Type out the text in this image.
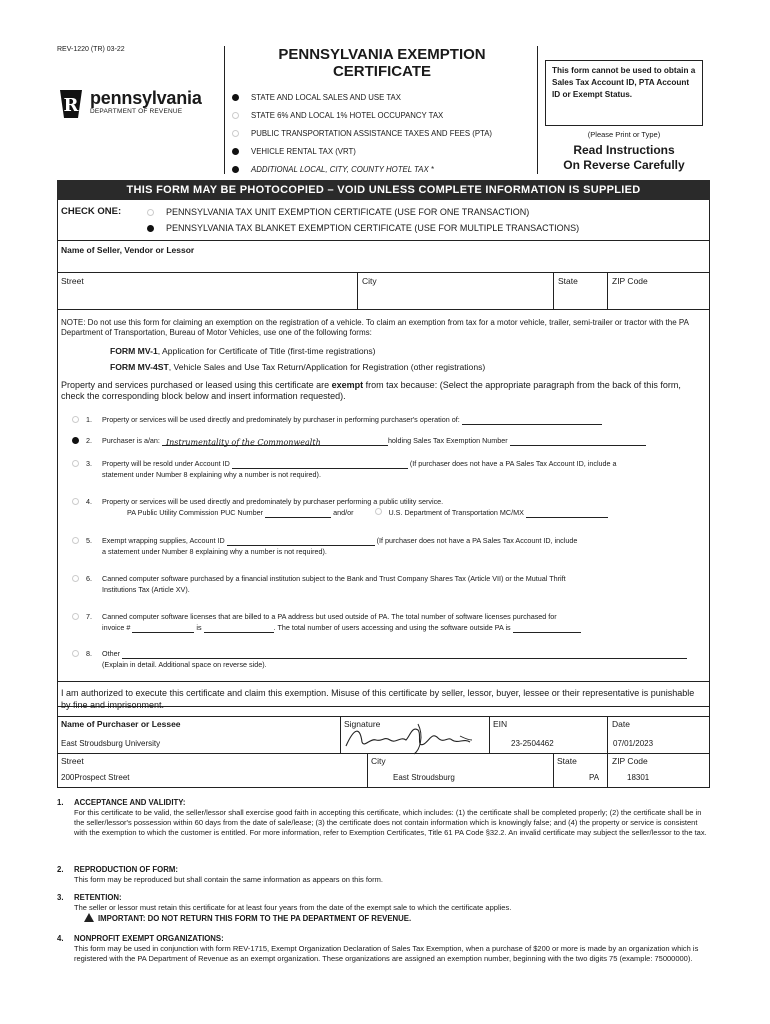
REV-1220 (TR) 03-22
R pennsylvania
DEPARTMENT OF REVENUE
PENNSYLVANIA EXEMPTION
CERTIFICATE
STATE AND LOCAL SALES AND USE TAX
STATE 6% AND LOCAL 1% HOTEL OCCUPANCY TAX
PUBLIC TRANSPORTATION ASSISTANCE TAXES AND FEES (PTA)
VEHICLE RENTAL TAX (VRT)
ADDITIONAL LOCAL, CITY, COUNTY HOTEL TAX *
This form cannot be used to obtain a Sales Tax Account ID, PTA Account ID or Exempt Status.
(Please Print or Type)
Read Instructions
On Reverse Carefully
THIS FORM MAY BE PHOTOCOPIED – VOID UNLESS COMPLETE INFORMATION IS SUPPLIED
CHECK ONE:	PENNSYLVANIA TAX UNIT EXEMPTION CERTIFICATE (USE FOR ONE TRANSACTION)
PENNSYLVANIA TAX BLANKET EXEMPTION CERTIFICATE (USE FOR MULTIPLE TRANSACTIONS)
Name of Seller, Vendor or Lessor
Street	City	State	ZIP Code
NOTE: Do not use this form for claiming an exemption on the registration of a vehicle. To claim an exemption from tax for a motor vehicle, trailer, semi-trailer or tractor with the PA Department of Transportation, Bureau of Motor Vehicles, use one of the following forms:
FORM MV-1, Application for Certificate of Title (first-time registrations)
FORM MV-4ST, Vehicle Sales and Use Tax Return/Application for Registration (other registrations)
Property and services purchased or leased using this certificate are exempt from tax because: (Select the appropriate paragraph from the back of this form, check the corresponding block below and insert information requested).
1. Property or services will be used directly and predominately by purchaser in performing purchaser's operation of:
2. Purchaser is a/an: Instrumentality of the Commonwealth	holding Sales Tax Exemption Number
3. Property will be resold under Account ID	(If purchaser does not have a PA Sales Tax Account ID, include a
statement under Number 8 explaining why a number is not required).
4. Property or services will be used directly and predominately by purchaser performing a public utility service.
PA Public Utility Commission PUC Number	and/or	U.S. Department of Transportation MC/MX
5. Exempt wrapping supplies, Account ID	(If purchaser does not have a PA Sales Tax Account ID, include
a statement under Number 8 explaining why a number is not required).
6. Canned computer software purchased by a financial institution subject to the Bank and Trust Company Shares Tax (Article VII) or the Mutual Thrift
Institutions Tax (Article XV).
7. Canned computer software licenses that are billed to a PA address but used outside of PA. The total number of software licenses purchased for
invoice #	is	. The total number of users accessing and using the software outside PA is
8. Other
(Explain in detail. Additional space on reverse side).
I am authorized to execute this certificate and claim this exemption. Misuse of this certificate by seller, lessor, buyer, lessee or their representative is punishable by fine and imprisonment.
Name of Purchaser or Lessee
East Stroudsburg University
Signature	EIN
23-2504462
Date
07/01/2023
Street
200Prospect Street
City
East Stroudsburg
State
PA
ZIP Code
18301
1. ACCEPTANCE AND VALIDITY:
For this certificate to be valid, the seller/lessor shall exercise good faith in accepting this certificate, which includes: (1) the certificate shall be completed properly; (2) the certificate shall be in the seller/lessor's possession within 60 days from the date of sale/lease; (3) the certificate does not contain information which is knowingly false; and (4) the property or service is consistent with the exemption to which the customer is entitled. For more information, refer to Exemption Certificates, Title 61 PA Code §32.2. An invalid certificate may subject the seller/lessor to the tax.
2. REPRODUCTION OF FORM:
This form may be reproduced but shall contain the same information as appears on this form.
3. RETENTION:
The seller or lessor must retain this certificate for at least four years from the date of the exempt sale to which the certificate applies.
IMPORTANT: DO NOT RETURN THIS FORM TO THE PA DEPARTMENT OF REVENUE.
4. NONPROFIT EXEMPT ORGANIZATIONS:
This form may be used in conjunction with form REV-1715, Exempt Organization Declaration of Sales Tax Exemption, when a purchase of $200 or more is made by an organization which is registered with the PA Department of Revenue as an exempt organization. These organizations are assigned an exemption number, beginning with the two digits 75 (example: 75000000).
